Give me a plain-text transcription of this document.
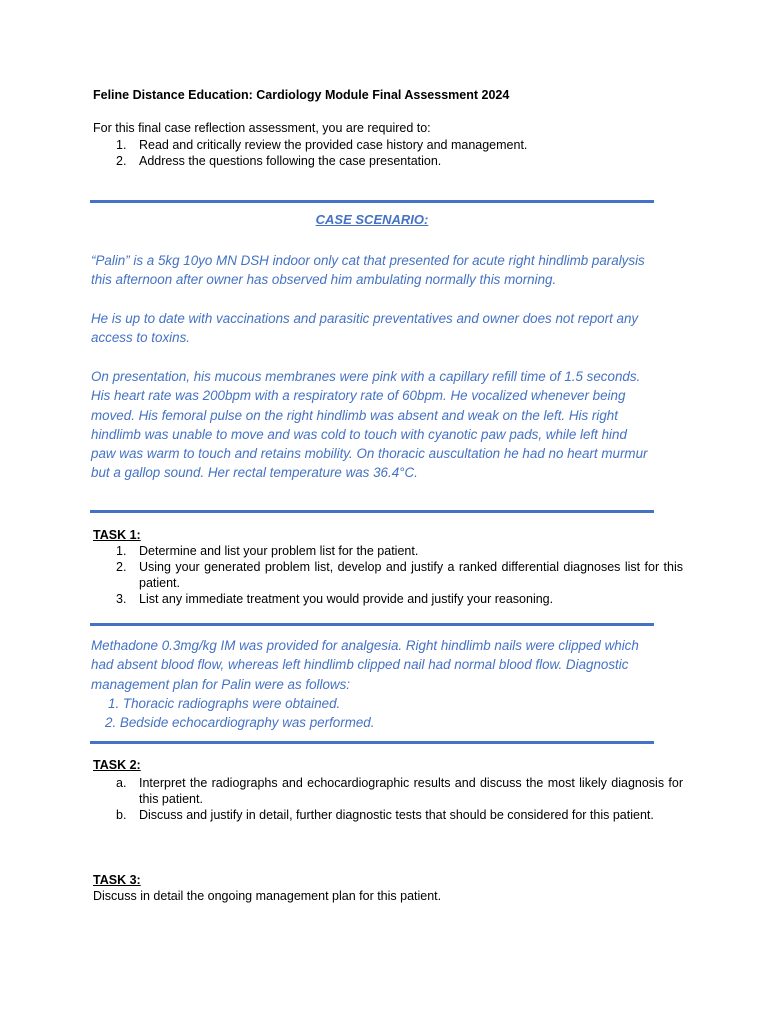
Feline Distance Education: Cardiology Module Final Assessment 2024
For this final case reflection assessment, you are required to:
1. Read and critically review the provided case history and management.
2. Address the questions following the case presentation.
CASE SCENARIO:
“Palin” is a 5kg 10yo MN DSH indoor only cat that presented for acute right hindlimb paralysis this afternoon after owner has observed him ambulating normally this morning.
He is up to date with vaccinations and parasitic preventatives and owner does not report any access to toxins.
On presentation, his mucous membranes were pink with a capillary refill time of 1.5 seconds. His heart rate was 200bpm with a respiratory rate of 60bpm. He vocalized whenever being moved. His femoral pulse on the right hindlimb was absent and weak on the left. His right hindlimb was unable to move and was cold to touch with cyanotic paw pads, while left hind paw was warm to touch and retains mobility. On thoracic auscultation he had no heart murmur but a gallop sound. Her rectal temperature was 36.4°C.
TASK 1:
1. Determine and list your problem list for the patient.
2. Using your generated problem list, develop and justify a ranked differential diagnoses list for this patient.
3. List any immediate treatment you would provide and justify your reasoning.
Methadone 0.3mg/kg IM was provided for analgesia. Right hindlimb nails were clipped which had absent blood flow, whereas left hindlimb clipped nail had normal blood flow. Diagnostic management plan for Palin were as follows:
1. Thoracic radiographs were obtained.
2. Bedside echocardiography was performed.
TASK 2:
a. Interpret the radiographs and echocardiographic results and discuss the most likely diagnosis for this patient.
b. Discuss and justify in detail, further diagnostic tests that should be considered for this patient.
TASK 3:
Discuss in detail the ongoing management plan for this patient.
